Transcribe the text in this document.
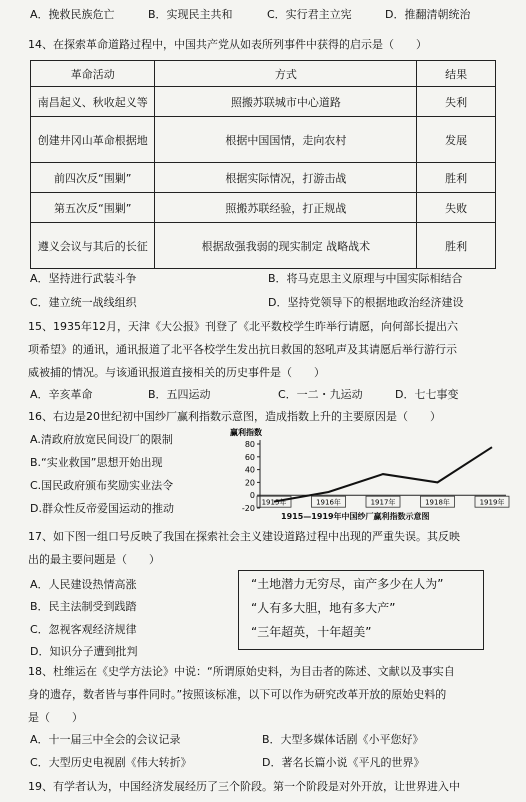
A．挽救民族危亡	B．实现民主共和	C．实行君主立宪	D．推翻清朝统治
14、在探索革命道路过程中，中国共产党从如表所列事件中获得的启示是（　　）
革命活动	方式	结果
南昌起义、秋收起义等	照搬苏联城市中心道路	失利
创建井冈山革命根据地	根据中国国情，走向农村	发展
前四次反“围剿”	根据实际情况，打游击战	胜利
第五次反“围剿”	照搬苏联经验，打正规战	失败
遵义会议与其后的长征	根据敌强我弱的现实制定 战略战术	胜利
A．坚持进行武装斗争	B．将马克思主义原理与中国实际相结合
C．建立统一战线组织	D．坚持党领导下的根据地政治经济建设
15、1935年12月，天津《大公报》刊登了《北平数校学生昨举行请愿，向何部长提出六
项希望》的通讯，通讯报道了北平各校学生发出抗日救国的怒吼声及其请愿后举行游行示
威被捕的情况。与该通讯报道直接相关的历史事件是（　　）
A．辛亥革命	B．五四运动	C．一二・九运动	D．七七事变
16、右边是20世纪初中国纱厂赢利指数示意图，造成指数上升的主要原因是（　　）
A.清政府放宽民间设厂的限制
B.“实业救国”思想开始出现
C.国民政府颁布奖励实业法令
D.群众性反帝爱国运动的推动
赢利指数
80
60
40
20
0
-20
1915年	1916年	1917年	1918年	1919年
1915—1919年中国纱厂赢利指数示意图
17、如下图一组口号反映了我国在探索社会主义建设道路过程中出现的严重失误。其反映
出的最主要问题是（　　）
A．人民建设热情高涨
B．民主法制受到践踏
C．忽视客观经济规律
D．知识分子遭到批判
“土地潜力无穷尽，亩产多少在人为”
“人有多大胆，地有多大产”
“三年超英，十年超美”
18、杜维运在《史学方法论》中说：“所谓原始史料，为目击者的陈述、文献以及事实自
身的遗存，数者皆与事件同时。”按照该标准，以下可以作为研究改革开放的原始史料的
是（　　）
A．十一届三中全会的会议记录	B．大型多媒体话剧《小平您好》
C．大型历史电视剧《伟大转折》	D．著名长篇小说《平凡的世界》
19、有学者认为，中国经济发展经历了三个阶段。第一个阶段是对外开放，让世界进入中
